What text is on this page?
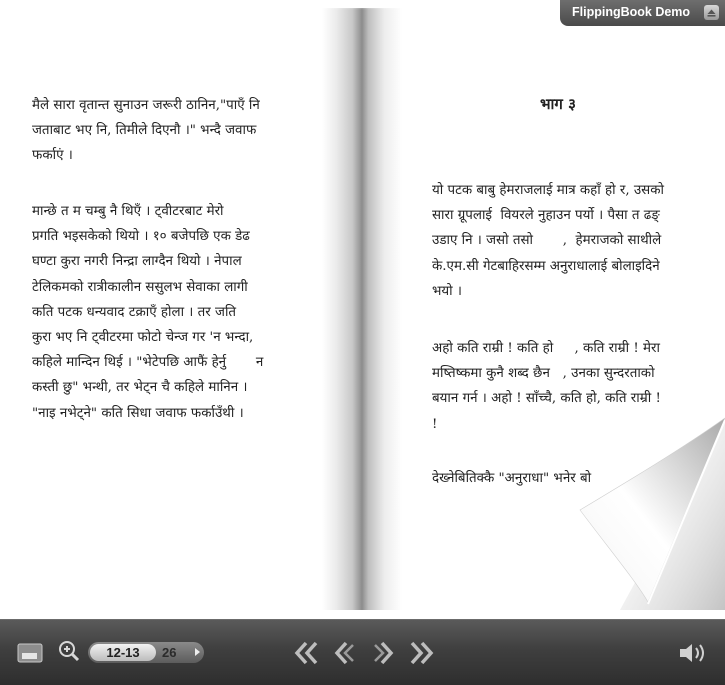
मैले सारा वृतान्त सुनाउन जरूरी ठानिन,"पाएँ नि
जताबाट भए नि, तिमीले दिएनौ ।" भन्दै जवाफ
फर्काएं ।
मान्छे त म चम्बु नै थिएँ । ट्वीटरबाट मेरो
प्रगति भइसकेको थियो । १० बजेपछि एक डेढ
घण्टा कुरा नगरी निन्द्रा लाग्दैन थियो । नेपाल
टेलिकमको रात्रीकालीन ससुलभ सेवाका लागी
कति पटक धन्यवाद टक्राएँ होला । तर जति
कुरा भए नि ट्वीटरमा फोटो चेन्ज गर 'न भन्दा,
कहिले मान्दिन थिई । "भेटेपछि आफैं हेर्नु       न
कस्ती छु" भन्थी, तर भेट्न चै कहिले मानिन ।
"नाइ नभेट्ने" कति सिधा जवाफ फर्काउँथी ।
भाग ३
यो पटक बाबु हेमराजलाई मात्र कहाँ हो र, उसको
सारा ग्रूपलाई  वियरले नुहाउन पर्यो । पैसा त ढङ्
उडाए नि । जसो तसो       ,  हेमराजको साथीले
के.एम.सी गेटबाहिरसम्म अनुराधालाई बोलाइदिने
भयो ।
अहो कति राम्री ! कति हो     , कति राम्री ! मेरा
मष्तिष्कमा कुनै शब्द छैन   , उनका सुन्दरताको
बयान गर्न । अहो ! साँच्चै, कति हो, कति राम्री !
!
देख्नेबितिक्कै "अनुराधा" भनेर बो
FlippingBook Demo
12-13	26
